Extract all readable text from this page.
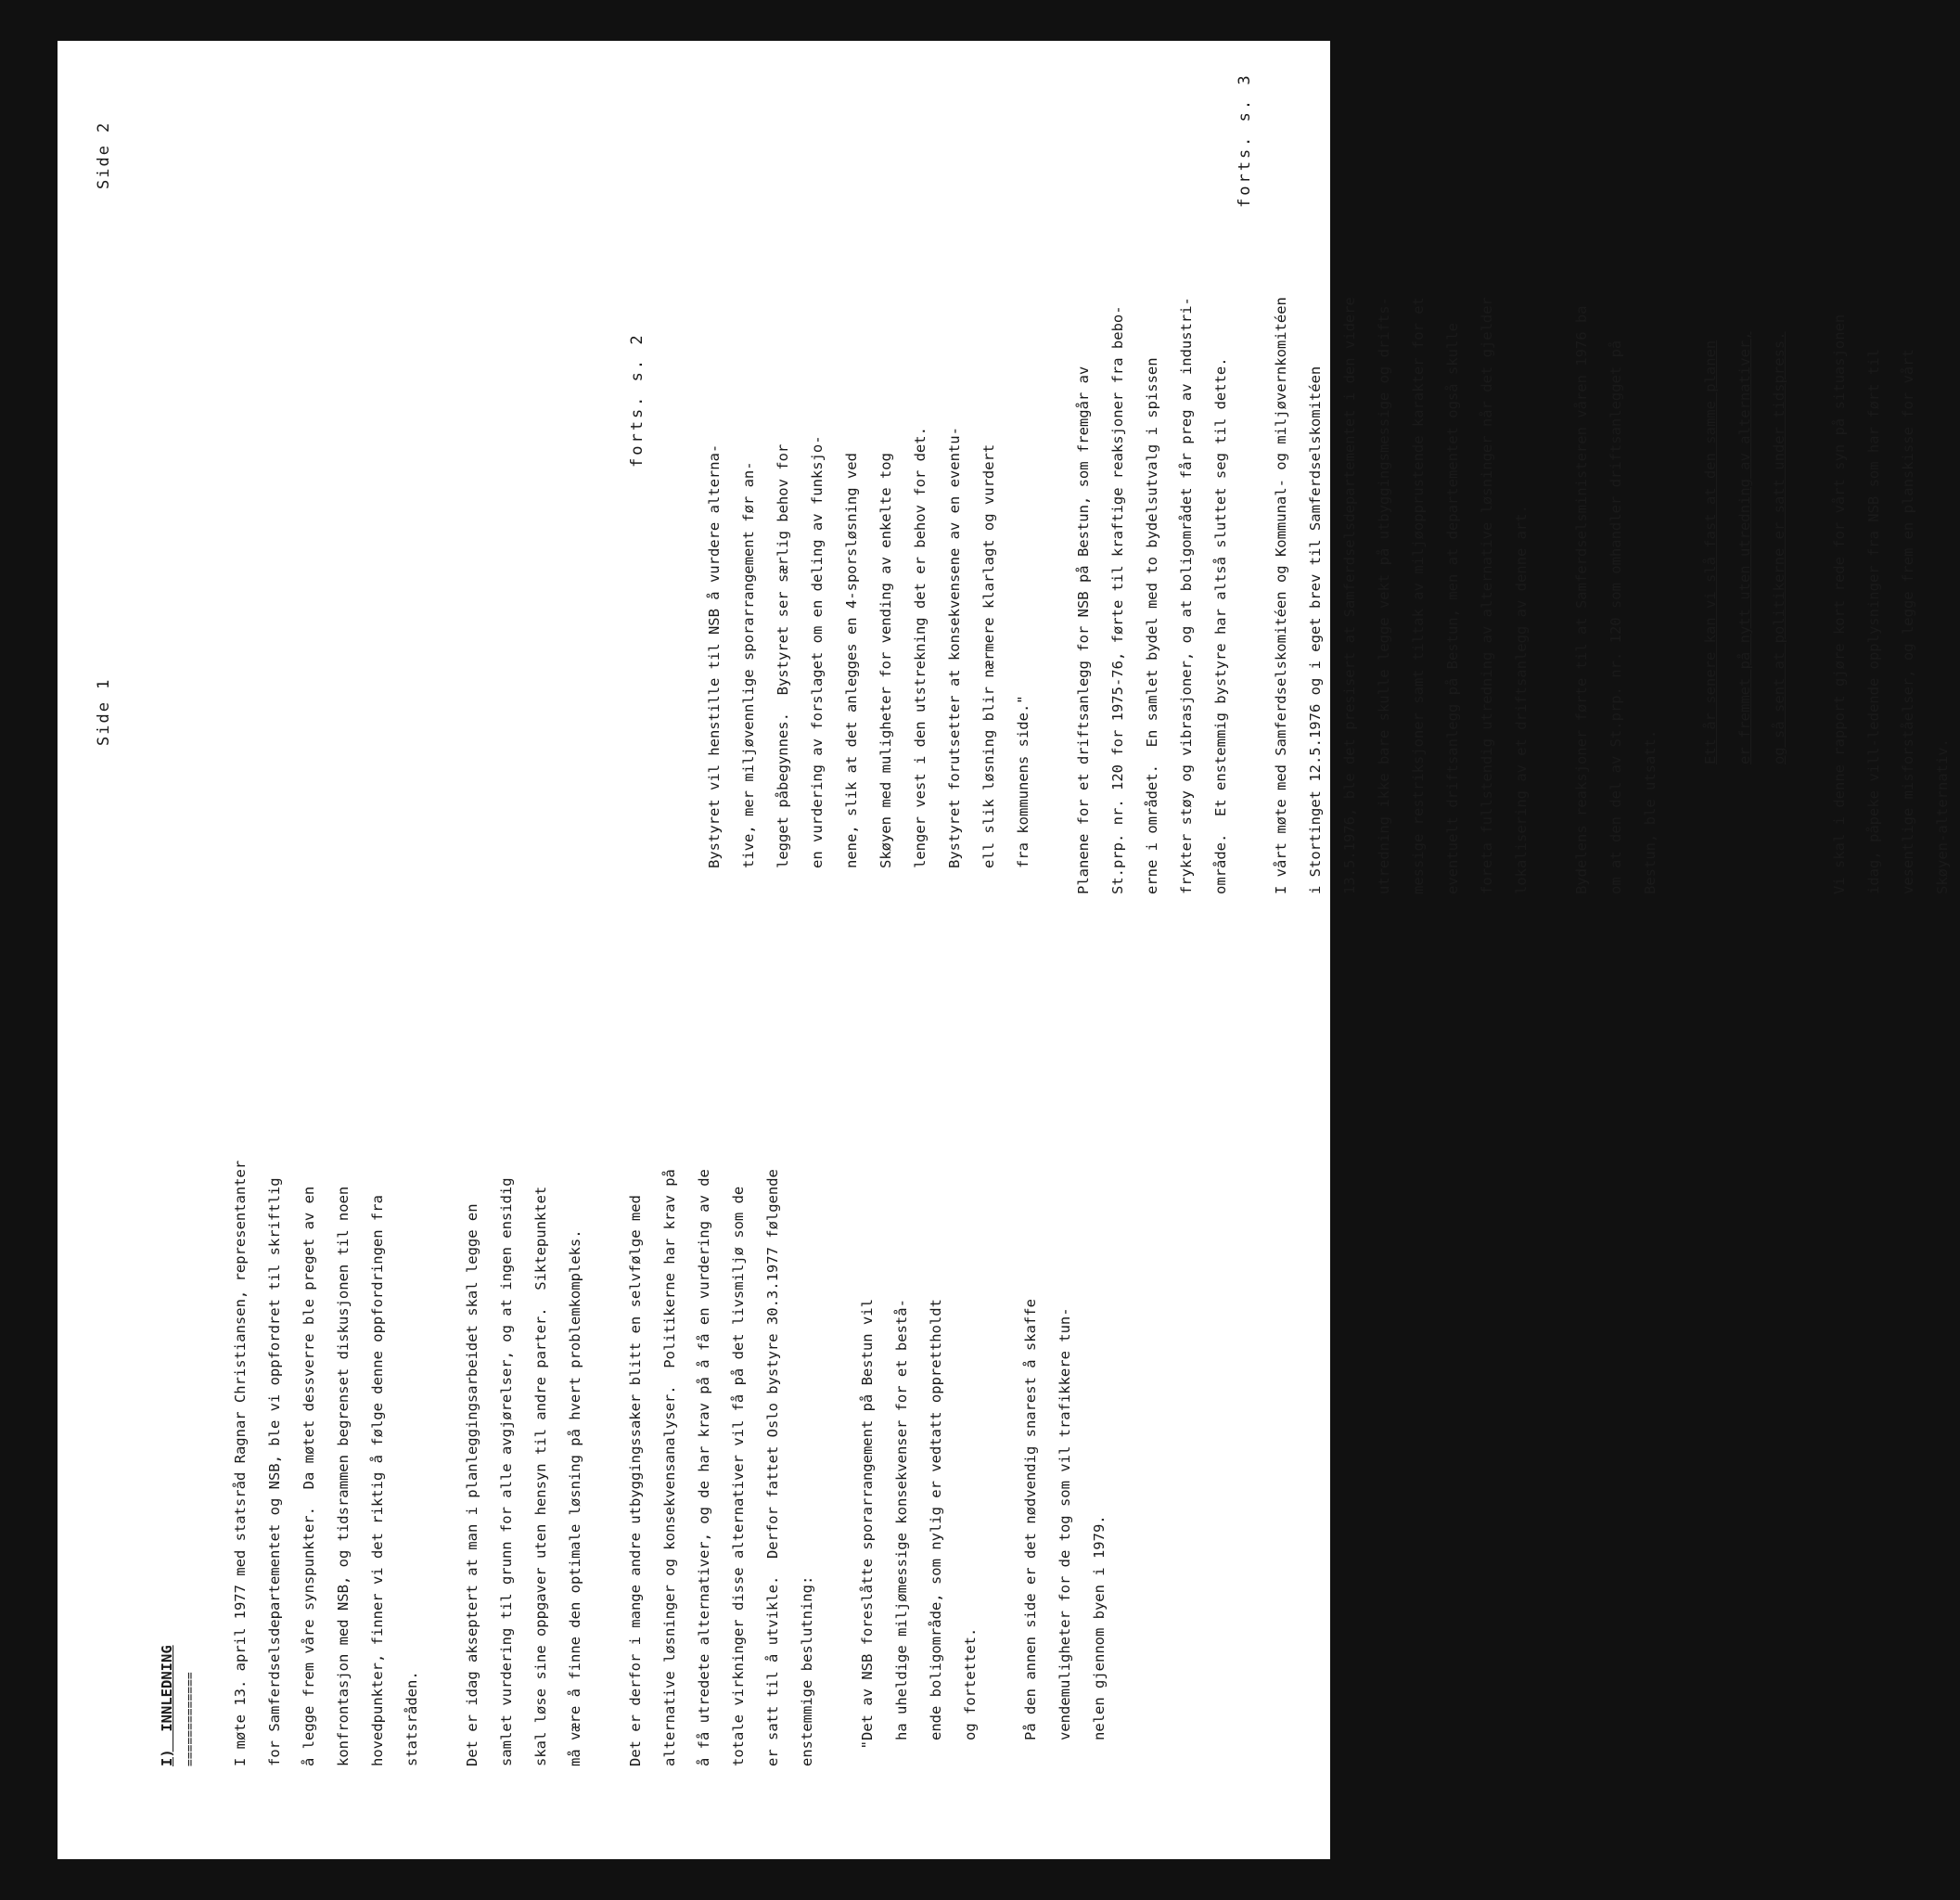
Side 1

I)  INNLEDNING =============	I møte 13. april 1977 med statsråd Ragnar Christiansen, representanter	for Samferdselsdepartementet og NSB, ble vi oppfordret til skriftlig	å legge frem våre synspunkter.  Da møtet dessverre ble preget av en	konfrontasjon med NSB, og tidsrammen begrenset diskusjonen til noen	hovedpunkter, finner vi det riktig å følge denne oppfordringen fra	statsråden.	Det er idag akseptert at man i planleggingsarbeidet skal legge en	samlet vurdering til grunn for alle avgjørelser, og at ingen ensidig	skal løse sine oppgaver uten hensyn til andre parter.  Siktepunktet	må være å finne den optimale løsning på hvert problemkompleks.	Det er derfor i mange andre utbyggingssaker blitt en selvfølge med	alternative løsninger og konsekvensanalyser.  Politikerne har krav på	å få utredete alternativer, og de har krav på å få en vurdering av de	totale virkninger disse alternativer vil få på det livsmiljø som de	er satt til å utvikle.  Derfor fattet Oslo bystyre 30.3.1977 følgende	enstemmige beslutning:	"Det av NSB foreslåtte sporarrangement på Bestun vil	ha uheldige miljømessige konsekvenser for et bestå-	ende boligområde, som nylig er vedtatt opprettholdt	og fortettet.	På den annen side er det nødvendig snarest å skaffe	vendemuligheter for de tog som vil trafikkere tun-	nelen gjennom byen i 1979.

forts. s. 2
Side 2

Bystyret vil henstille til NSB å vurdere alterna-	tive, mer miljøvennlige sporarrangement før an-	legget påbegynnes.  Bystyret ser særlig behov for	en vurdering av forslaget om en deling av funksjo-	nene, slik at det anlegges en 4-sporsløsning ved	Skøyen med muligheter for vending av enkelte tog	lenger vest i den utstrekning det er behov for det.	Bystyret forutsetter at konsekvensene av en eventu-	ell slik løsning blir nærmere klarlagt og vurdert	fra kommunens side."	Planene for et driftsanlegg for NSB på Bestun, som fremgår av	St.prp. nr. 120 for 1975-76, førte til kraftige reaksjoner fra bebo-	erne i området.  En samlet bydel med to bydelsutvalg i spissen	frykter støy og vibrasjoner, og at boligområdet får preg av industri-	område.  Et enstemmig bystyre har altså sluttet seg til dette.	I vårt møte med Samferdselskomitéen og Kommunal- og miljøvernkomitéen	i Stortinget 12.5.1976 og i eget brev til Samferdselskomitéen	13.5.1976, ble det presisert at Samferdselsdepartementet i den videre	utredning ikke bare skulle legge vekt på utbyggingsmessige og drifts-	messige restriksjoner samt tiltak av miljøopprustende karakter for et	eventuelt driftsanlegg på Bestun, men at departementet også skulle	foreta fullstendig utredning av alternative løsninger når det gjelder	lokalisering av et driftsanlegg av denne art.	Bydelens reaksjoner førte til at Samferdselsministeren våren 1976 ba	om at den del av St.prp. nr. 120 som omhandler driftsanlegget på	Bestun, ble utsatt.

Ett år senere kan vi slå fast at den samme planen	er fremmet på nytt uten utredning av alternativer,	og så sent at politikerne er satt under tidspress.	Vi skal i denne rapport gjøre kort rede for vårt syn på situasjonen	idag, påpeke vill-ledende opplysninger fra NSB som har ført til	vesentlige misforståelser, og legge frem en planskisse for vårt	Skøyen-alternativ.

forts. s. 3
